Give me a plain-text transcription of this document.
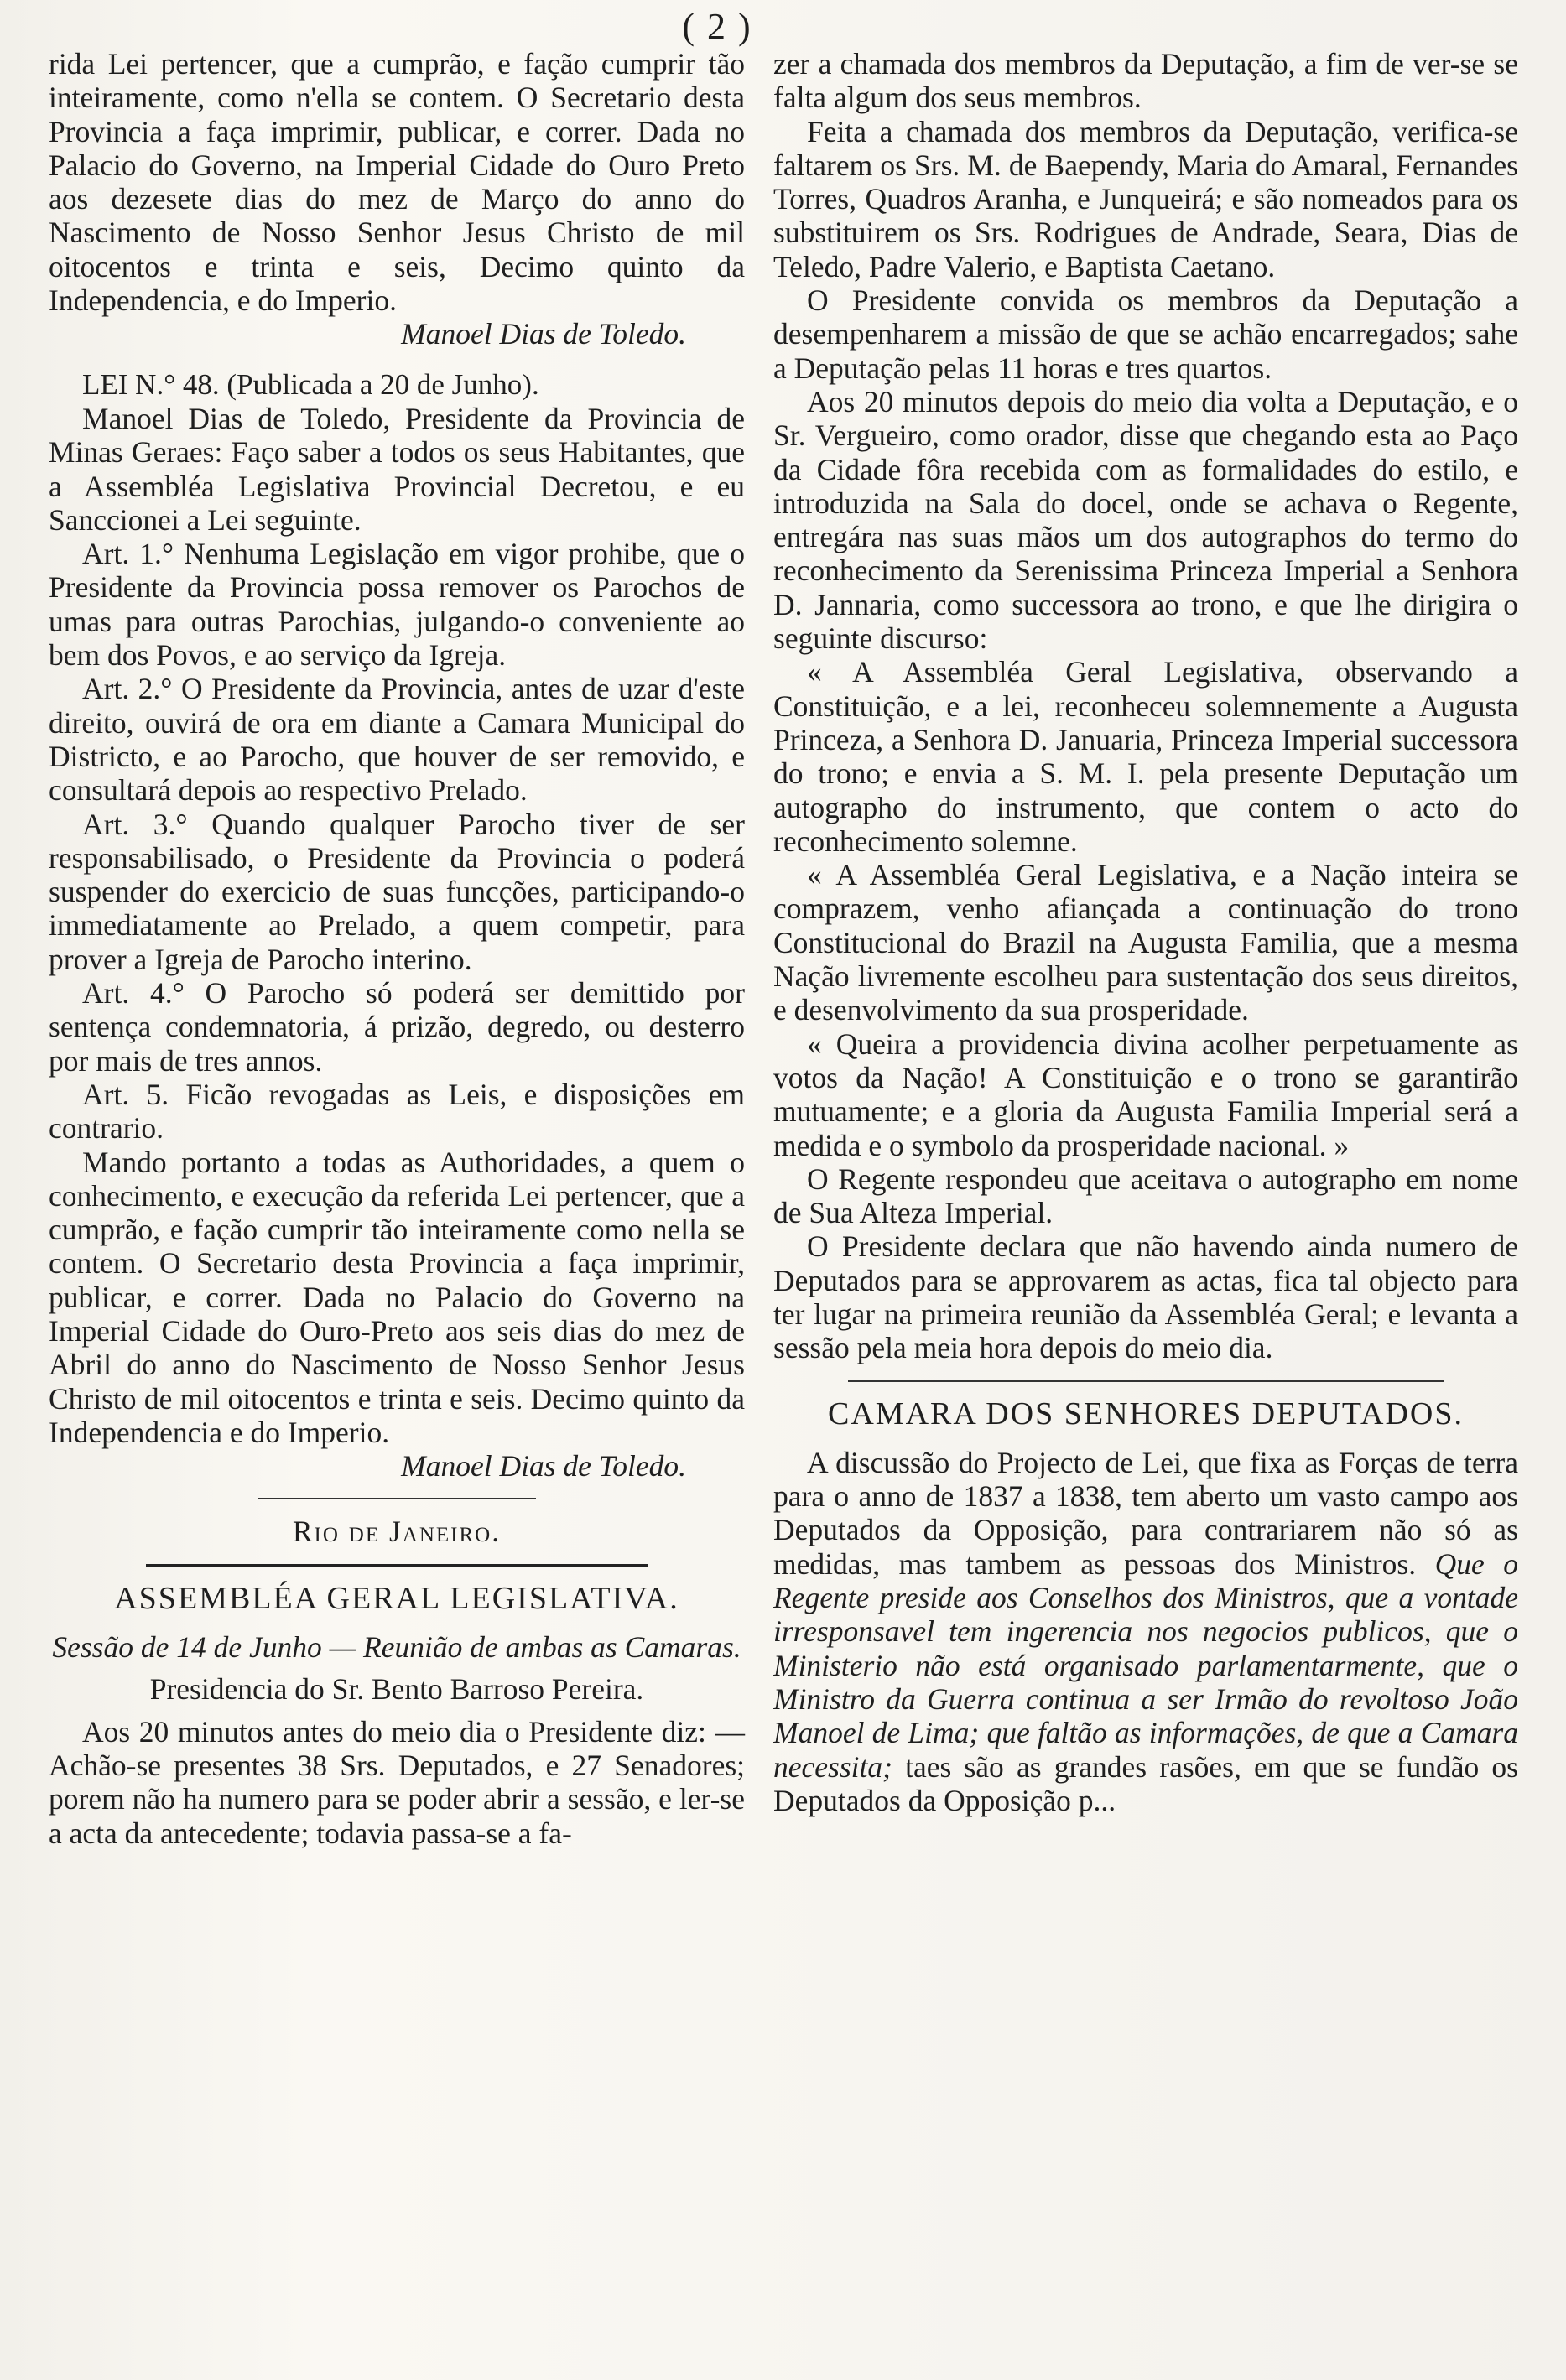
( 2 )

rida Lei pertencer, que a cumprão, e fação cumprir tão inteiramente, como n'ella se contem. O Secretario desta Provincia a faça imprimir, publicar, e correr. Dada no Palacio do Governo, na Imperial Cidade do Ouro Preto aos dezesete dias do mez de Março do anno do Nascimento de Nosso Senhor Jesus Christo de mil oitocentos e trinta e seis, Decimo quinto da Independencia, e do Imperio.

Manoel Dias de Toledo.

LEI N.° 48. (Publicada a 20 de Junho).

Manoel Dias de Toledo, Presidente da Provincia de Minas Geraes: Faço saber a todos os seus Habitantes, que a Assembléa Legislativa Provincial Decretou, e eu Sanccionei a Lei seguinte.

Art. 1.° Nenhuma Legislação em vigor prohibe, que o Presidente da Provincia possa remover os Parochos de umas para outras Parochias, julgando-o conveniente ao bem dos Povos, e ao serviço da Igreja.

Art. 2.° O Presidente da Provincia, antes de uzar d'este direito, ouvirá de ora em diante a Camara Municipal do Districto, e ao Parocho, que houver de ser removido, e consultará depois ao respectivo Prelado.

Art. 3.° Quando qualquer Parocho tiver de ser responsabilisado, o Presidente da Provincia o poderá suspender do exercicio de suas funcções, participando-o immediatamente ao Prelado, a quem competir, para prover a Igreja de Parocho interino.

Art. 4.° O Parocho só poderá ser demittido por sentença condemnatoria, á prizão, degredo, ou desterro por mais de tres annos.

Art. 5. Ficão revogadas as Leis, e disposições em contrario.

Mando portanto a todas as Authoridades, a quem o conhecimento, e execução da referida Lei pertencer, que a cumprão, e fação cumprir tão inteiramente como nella se contem. O Secretario desta Provincia a faça imprimir, publicar, e correr. Dada no Palacio do Governo na Imperial Cidade do Ouro-Preto aos seis dias do mez de Abril do anno do Nascimento de Nosso Senhor Jesus Christo de mil oitocentos e trinta e seis. Decimo quinto da Independencia e do Imperio.

Manoel Dias de Toledo.

Rio de Janeiro.

ASSEMBLÉA GERAL LEGISLATIVA.

Sessão de 14 de Junho — Reunião de ambas as Camaras.

Presidencia do Sr. Bento Barroso Pereira.

Aos 20 minutos antes do meio dia o Presidente diz: — Achão-se presentes 38 Srs. Deputados, e 27 Senadores; porem não ha numero para se poder abrir a sessão, e ler-se a acta da antecedente; todavia passa-se a fa-

zer a chamada dos membros da Deputação, a fim de ver-se se falta algum dos seus membros.

Feita a chamada dos membros da Deputação, verifica-se faltarem os Srs. M. de Baependy, Maria do Amaral, Fernandes Torres, Quadros Aranha, e Junqueirá; e são nomeados para os substituirem os Srs. Rodrigues de Andrade, Seara, Dias de Teledo, Padre Valerio, e Baptista Caetano.

O Presidente convida os membros da Deputação a desempenharem a missão de que se achão encarregados; sahe a Deputação pelas 11 horas e tres quartos.

Aos 20 minutos depois do meio dia volta a Deputação, e o Sr. Vergueiro, como orador, disse que chegando esta ao Paço da Cidade fôra recebida com as formalidades do estilo, e introduzida na Sala do docel, onde se achava o Regente, entregára nas suas mãos um dos autographos do termo do reconhecimento da Serenissima Princeza Imperial a Senhora D. Jannaria, como successora ao trono, e que lhe dirigira o seguinte discurso:

« A Assembléa Geral Legislativa, observando a Constituição, e a lei, reconheceu solemnemente a Augusta Princeza, a Senhora D. Januaria, Princeza Imperial successora do trono; e envia a S. M. I. pela presente Deputação um autographo do instrumento, que contem o acto do reconhecimento solemne.

« A Assembléa Geral Legislativa, e a Nação inteira se comprazem, venho afiançada a continuação do trono Constitucional do Brazil na Augusta Familia, que a mesma Nação livremente escolheu para sustentação dos seus direitos, e desenvolvimento da sua prosperidade.

« Queira a providencia divina acolher perpetuamente as votos da Nação! A Constituição e o trono se garantirão mutuamente; e a gloria da Augusta Familia Imperial será a medida e o symbolo da prosperidade nacional. »

O Regente respondeu que aceitava o autographo em nome de Sua Alteza Imperial.

O Presidente declara que não havendo ainda numero de Deputados para se approvarem as actas, fica tal objecto para ter lugar na primeira reunião da Assembléa Geral; e levanta a sessão pela meia hora depois do meio dia.

CAMARA DOS SENHORES DEPUTADOS.

A discussão do Projecto de Lei, que fixa as Forças de terra para o anno de 1837 a 1838, tem aberto um vasto campo aos Deputados da Opposição, para contrariarem não só as medidas, mas tambem as pessoas dos Ministros. Que o Regente preside aos Conselhos dos Ministros, que a vontade irresponsavel tem ingerencia nos negocios publicos, que o Ministerio não está organisado parlamentarmente, que o Ministro da Guerra continua a ser Irmão do revoltoso João Manoel de Lima; que faltão as informações, de que a Camara necessita; taes são as grandes rasões, em que se fundão os Deputados da Opposição p...
